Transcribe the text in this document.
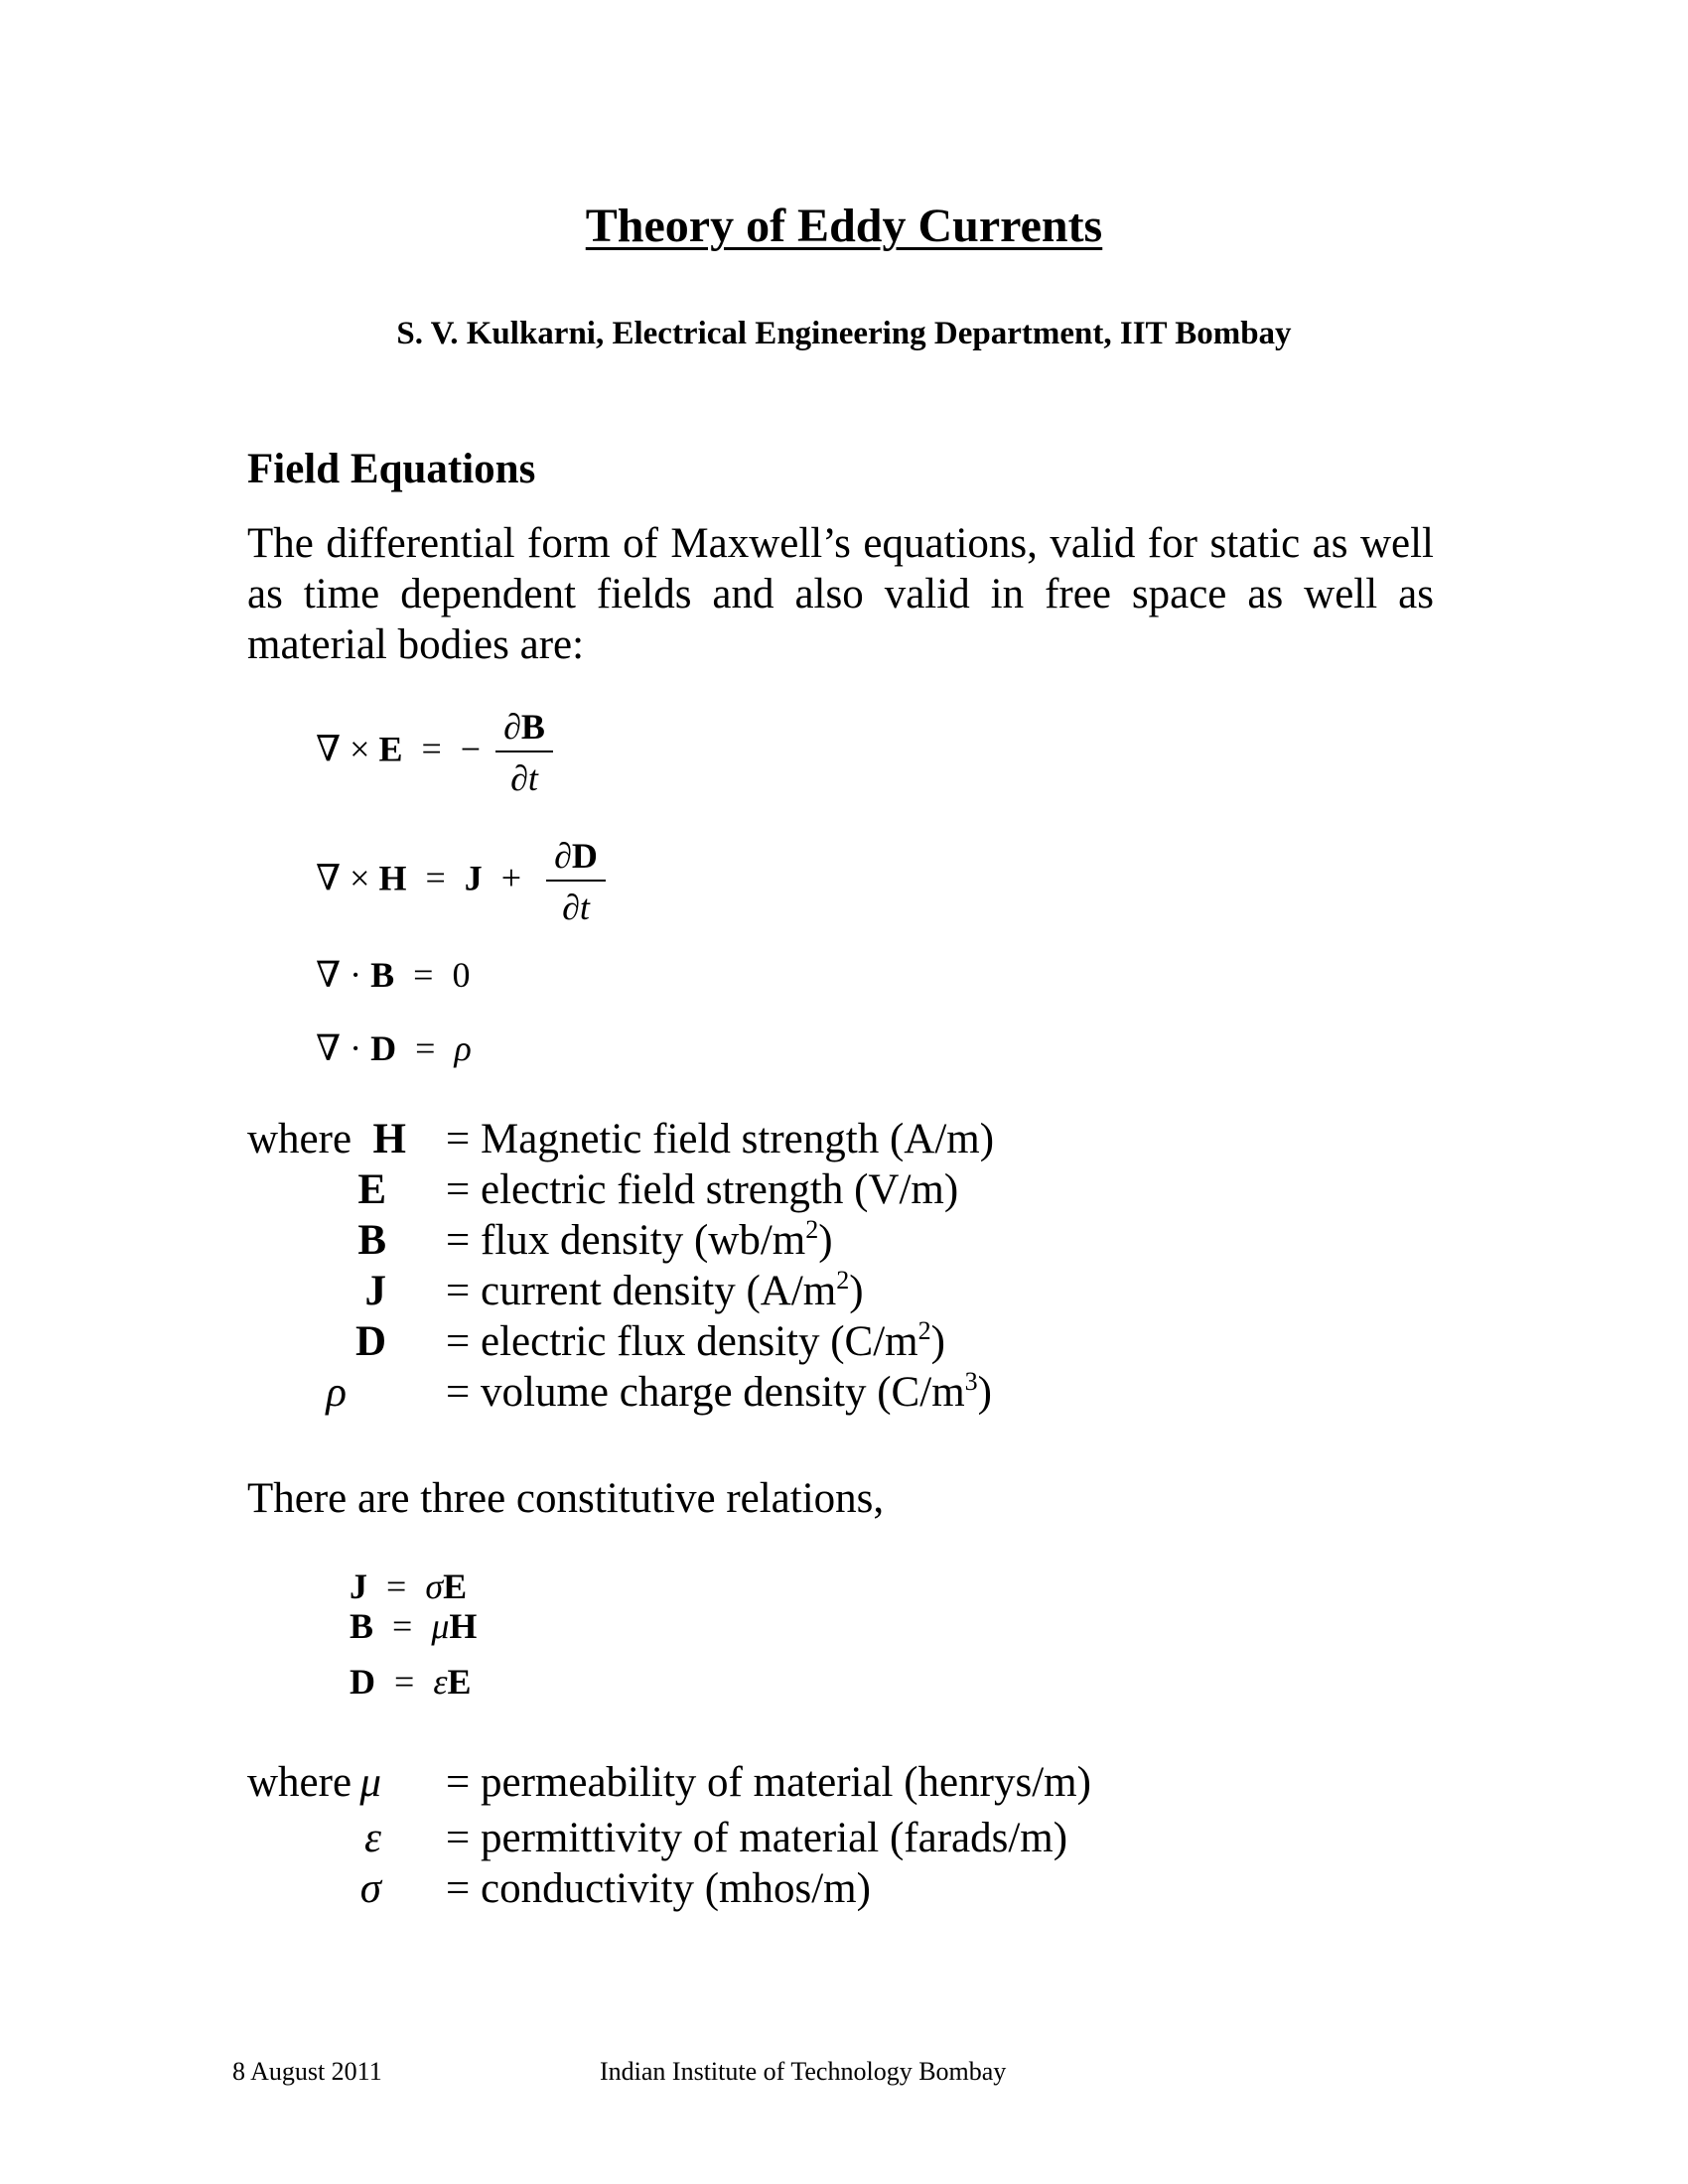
Theory of Eddy Currents
S. V. Kulkarni, Electrical Engineering Department, IIT Bombay
Field Equations
The differential form of Maxwell’s equations, valid for static as well as time dependent fields and also valid in free space as well as material bodies are:
∇ × E = − $\frac{\partial B}{\partial t}$
∇ × $H = J + \frac{\partial D}{\partial t}$
∇ · B = 0
∇ · D = ρ
where H = Magnetic field strength (A/m)
E = electric field strength (V/m)
B = flux density $(wb/m^2)$
J = current density $(A/m^2)$
D = electric flux density $(C/m^2)$
ρ = volume charge density $(C/m^3)$
There are three constitutive relations,
J = σE
B = μH
D = εE
where μ = permeability of material (henrys/m)
ε = permittivity of material (farads/m)
σ = conductivity (mhos/m)
8 August 2011	Indian Institute of Technology Bombay
